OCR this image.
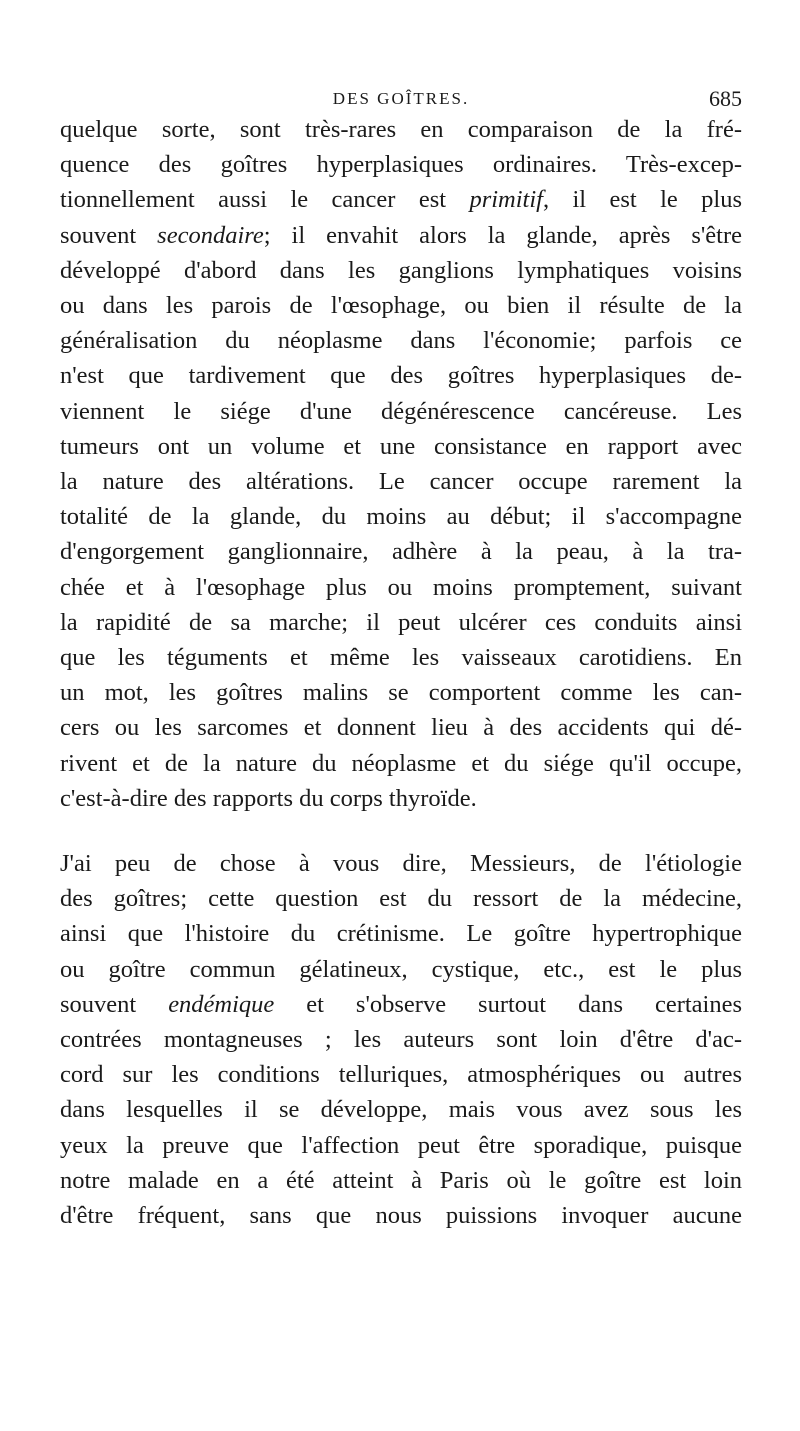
DES GOÎTRES.	685

quelque sorte, sont très-rares en comparaison de la fré-
quence des goîtres hyperplasiques ordinaires. Très-excep-
tionnellement aussi le cancer est primitif, il est le plus
souvent secondaire; il envahit alors la glande, après s'être
développé d'abord dans les ganglions lymphatiques voisins
ou dans les parois de l'œsophage, ou bien il résulte de la
généralisation du néoplasme dans l'économie; parfois ce
n'est que tardivement que des goîtres hyperplasiques de-
viennent le siége d'une dégénérescence cancéreuse. Les
tumeurs ont un volume et une consistance en rapport avec
la nature des altérations. Le cancer occupe rarement la
totalité de la glande, du moins au début; il s'accompagne
d'engorgement ganglionnaire, adhère à la peau, à la tra-
chée et à l'œsophage plus ou moins promptement, suivant
la rapidité de sa marche; il peut ulcérer ces conduits ainsi
que les téguments et même les vaisseaux carotidiens. En
un mot, les goîtres malins se comportent comme les can-
cers ou les sarcomes et donnent lieu à des accidents qui dé-
rivent et de la nature du néoplasme et du siége qu'il occupe,
c'est-à-dire des rapports du corps thyroïde.

J'ai peu de chose à vous dire, Messieurs, de l'étiologie
des goîtres; cette question est du ressort de la médecine,
ainsi que l'histoire du crétinisme. Le goître hypertrophique
ou goître commun gélatineux, cystique, etc., est le plus
souvent endémique et s'observe surtout dans certaines
contrées montagneuses ; les auteurs sont loin d'être d'ac-
cord sur les conditions telluriques, atmosphériques ou autres
dans lesquelles il se développe, mais vous avez sous les
yeux la preuve que l'affection peut être sporadique, puisque
notre malade en a été atteint à Paris où le goître est loin
d'être fréquent, sans que nous puissions invoquer aucune
